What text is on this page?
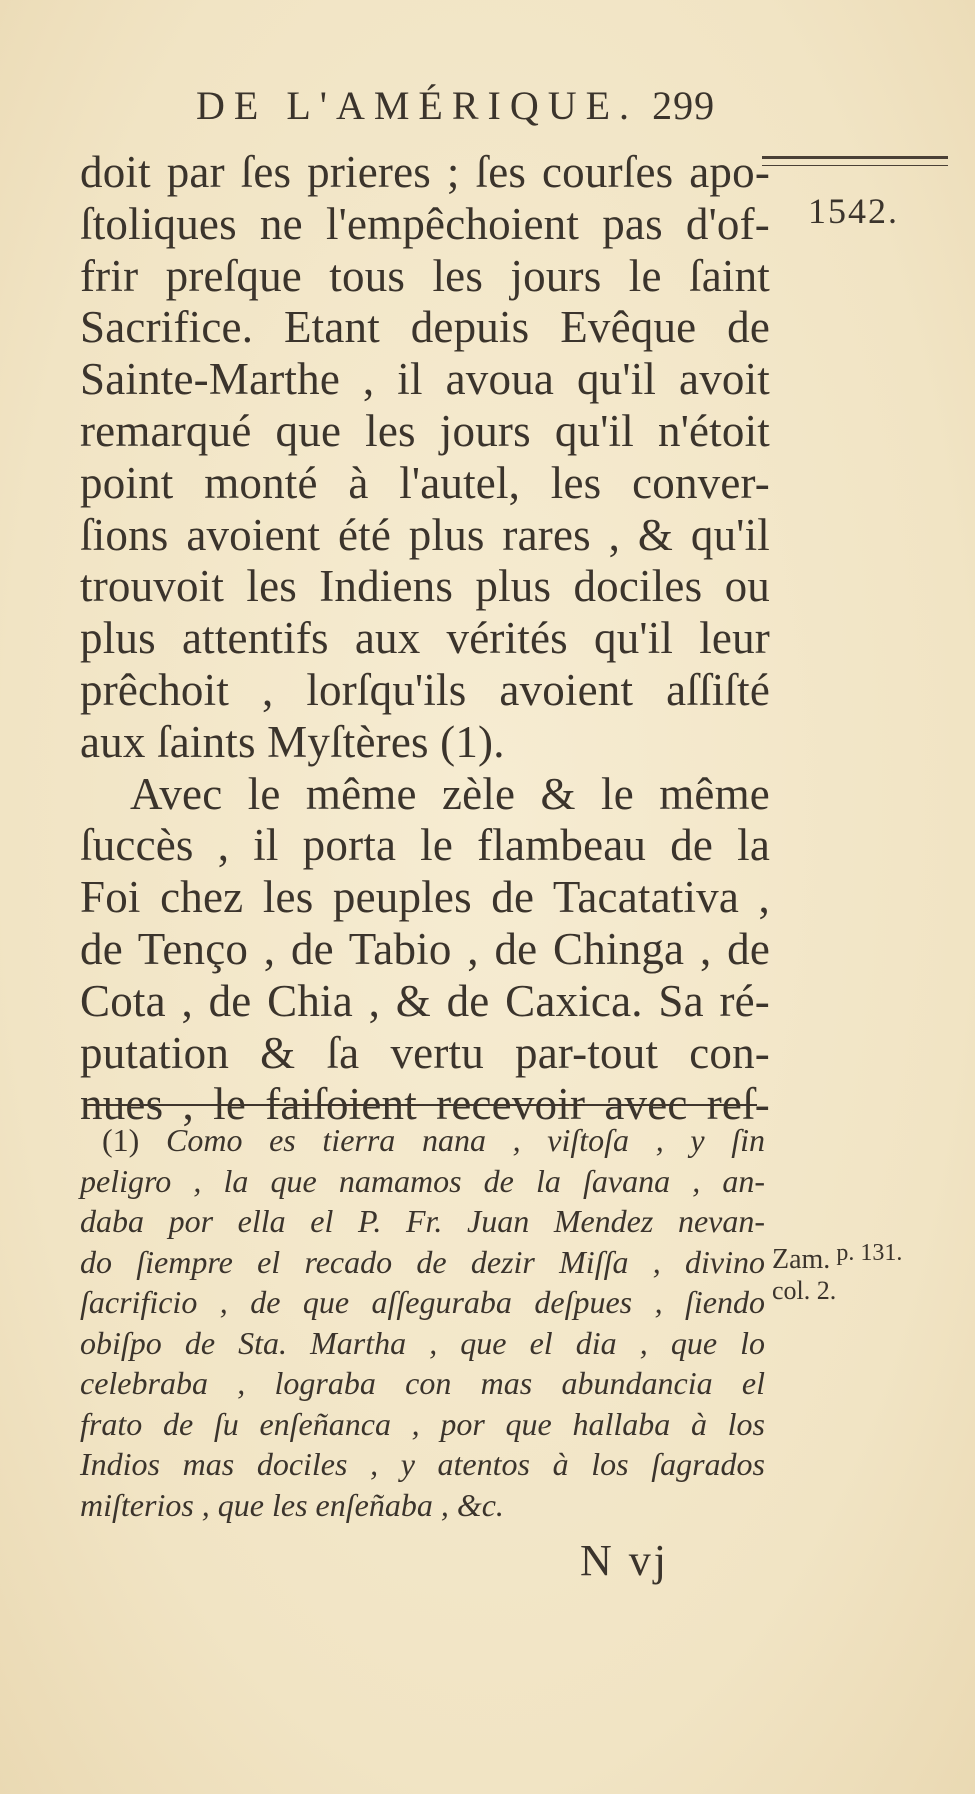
DE L'AMÉRIQUE. 299
1542.
doit par ſes prieres ; ſes courſes apo-
ſtoliques ne l'empêchoient pas d'of-
frir preſque tous les jours le ſaint
Sacrifice. Etant depuis Evêque de
Sainte-Marthe , il avoua qu'il avoit
remarqué que les jours qu'il n'étoit
point monté à l'autel, les conver-
ſions avoient été plus rares , & qu'il
trouvoit les Indiens plus dociles ou
plus attentifs aux vérités qu'il leur
prêchoit , lorſqu'ils avoient aſſiſté
aux ſaints Myſtères (1).
Avec le même zèle & le même
ſuccès , il porta le flambeau de la
Foi chez les peuples de Tacatativa ,
de Tenço , de Tabio , de Chinga , de
Cota , de Chia , & de Caxica. Sa ré-
putation & ſa vertu par-tout con-
nues , le faiſoient recevoir avec reſ-
(1) Como es tierra nana , viſtoſa , y ſin
peligro , la que namamos de la ſavana , an-
daba por ella el P. Fr. Juan Mendez nevan-
do ſiempre el recado de dezir Miſſa , divino
ſacrificio , de que aſſeguraba deſpues , ſiendo
obiſpo de Sta. Martha , que el dia , que lo
celebraba , lograba con mas abundancia el
frato de ſu enſeñanca , por que hallaba à los
Indios mas dociles , y atentos à los ſagrados
miſterios , que les enſeñaba , &c.
Zam. p. 131.
col. 2.
N vj
